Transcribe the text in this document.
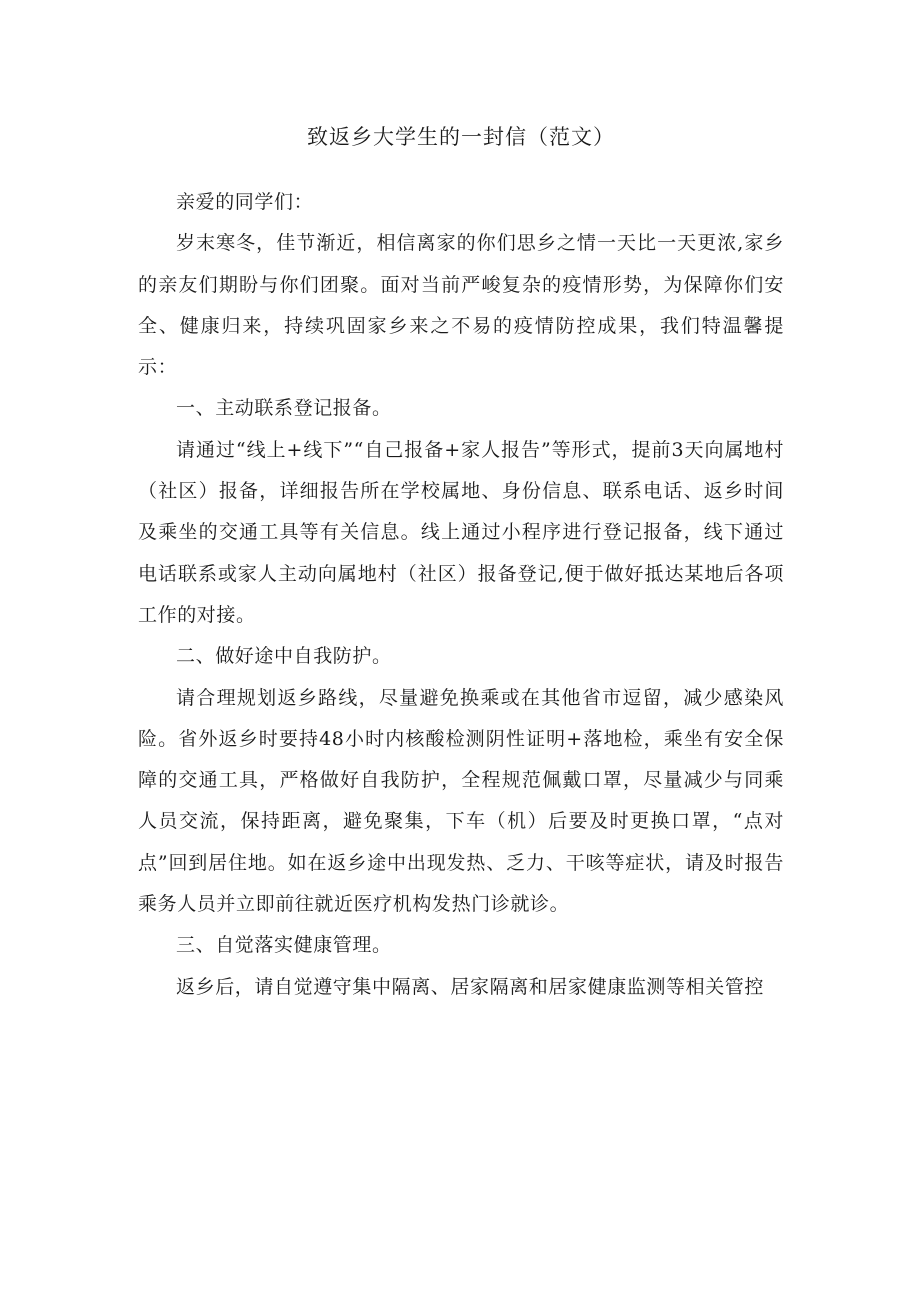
致返乡大学生的一封信（范文）

亲爱的同学们：

岁末寒冬，佳节渐近，相信离家的你们思乡之情一天比一天更浓,家乡的亲友们期盼与你们团聚。面对当前严峻复杂的疫情形势，为保障你们安全、健康归来，持续巩固家乡来之不易的疫情防控成果，我们特温馨提示：

一、主动联系登记报备。

请通过“线上+线下”“自己报备+家人报告”等形式，提前3天向属地村（社区）报备，详细报告所在学校属地、身份信息、联系电话、返乡时间及乘坐的交通工具等有关信息。线上通过小程序进行登记报备，线下通过电话联系或家人主动向属地村（社区）报备登记,便于做好抵达某地后各项工作的对接。

二、做好途中自我防护。

请合理规划返乡路线，尽量避免换乘或在其他省市逗留，减少感染风险。省外返乡时要持48小时内核酸检测阴性证明+落地检，乘坐有安全保障的交通工具，严格做好自我防护，全程规范佩戴口罩，尽量减少与同乘人员交流，保持距离，避免聚集，下车（机）后要及时更换口罩，“点对点”回到居住地。如在返乡途中出现发热、乏力、干咳等症状，请及时报告乘务人员并立即前往就近医疗机构发热门诊就诊。

三、自觉落实健康管理。

返乡后，请自觉遵守集中隔离、居家隔离和居家健康监测等相关管控
